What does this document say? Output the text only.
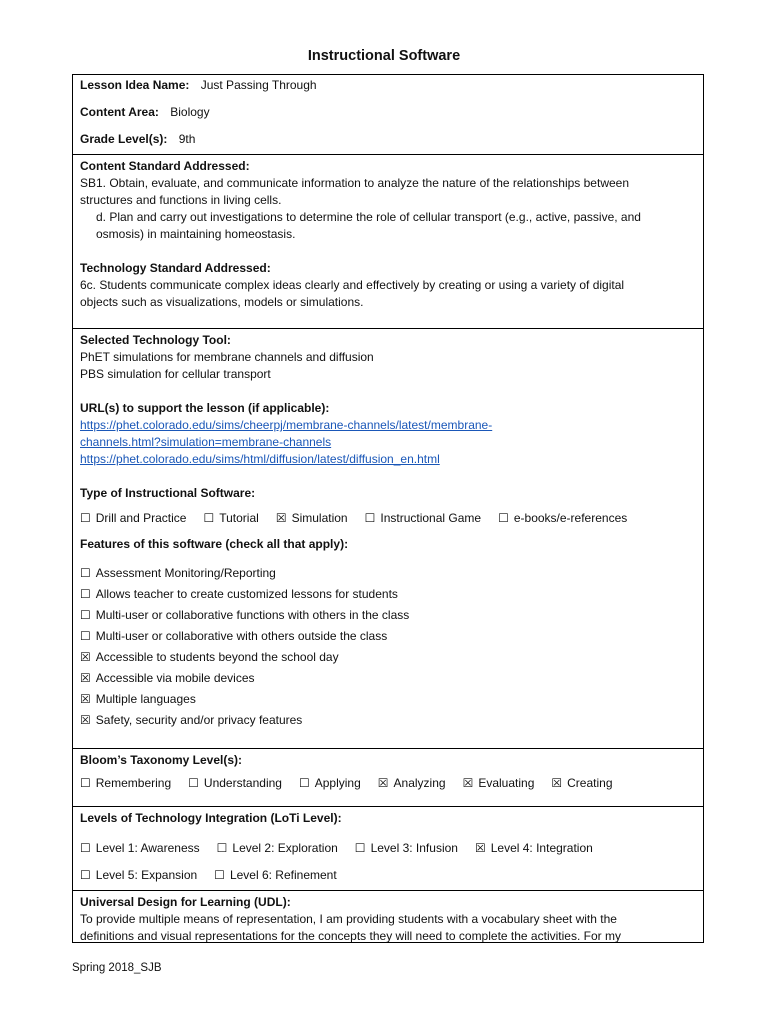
Instructional Software
Lesson Idea Name: Just Passing Through
Content Area: Biology
Grade Level(s): 9th
Content Standard Addressed:
SB1. Obtain, evaluate, and communicate information to analyze the nature of the relationships between
structures and functions in living cells.
d. Plan and carry out investigations to determine the role of cellular transport (e.g., active, passive, and
osmosis) in maintaining homeostasis.
Technology Standard Addressed:
6c. Students communicate complex ideas clearly and effectively by creating or using a variety of digital
objects such as visualizations, models or simulations.
Selected Technology Tool:
PhET simulations for membrane channels and diffusion
PBS simulation for cellular transport
URL(s) to support the lesson (if applicable):
https://phet.colorado.edu/sims/cheerpj/membrane-channels/latest/membrane-
channels.html?simulation=membrane-channels
https://phet.colorado.edu/sims/html/diffusion/latest/diffusion_en.html
Type of Instructional Software:
☐ Drill and Practice ☐ Tutorial ☒ Simulation ☐ Instructional Game ☐ e-books/e-references
Features of this software (check all that apply):
☐ Assessment Monitoring/Reporting
☐ Allows teacher to create customized lessons for students
☐ Multi-user or collaborative functions with others in the class
☐ Multi-user or collaborative with others outside the class
☒ Accessible to students beyond the school day
☒ Accessible via mobile devices
☒ Multiple languages
☒ Safety, security and/or privacy features
Bloom’s Taxonomy Level(s):
☐ Remembering ☐ Understanding ☐ Applying ☒ Analyzing ☒ Evaluating ☒ Creating
Levels of Technology Integration (LoTi Level):
☐ Level 1: Awareness ☐ Level 2: Exploration ☐ Level 3: Infusion ☒ Level 4: Integration
☐ Level 5: Expansion ☐ Level 6: Refinement
Universal Design for Learning (UDL):
To provide multiple means of representation, I am providing students with a vocabulary sheet with the
definitions and visual representations for the concepts they will need to complete the activities. For my
Spring 2018_SJB
